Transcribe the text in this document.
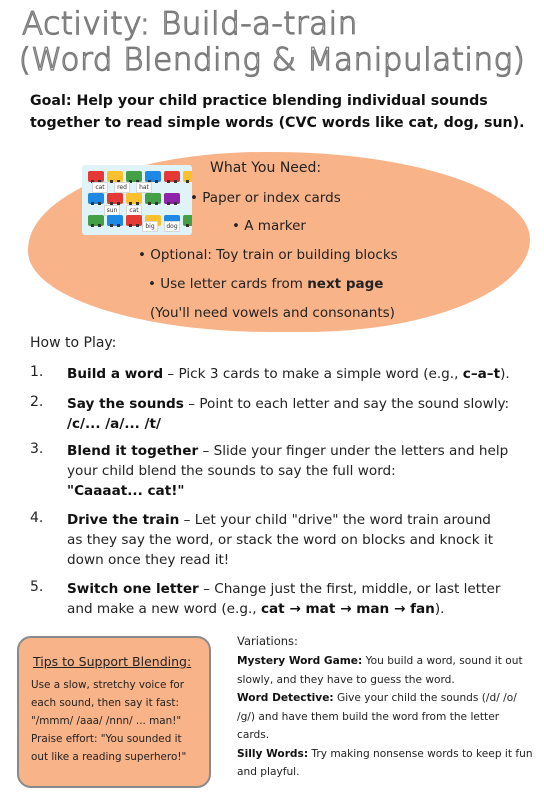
Activity: Build-a-train
(Word Blending & Manipulating)
Goal: Help your child practice blending individual sounds
together to read simple words (CVC words like cat, dog, sun).
cat	red	hat
sun	cat
big	dog
What You Need:
• Paper or index cards
• A marker
• Optional: Toy train or building blocks
• Use letter cards from next page
(You'll need vowels and consonants)
How to Play:
1. Build a word – Pick 3 cards to make a simple word (e.g., c–a–t).
2. Say the sounds – Point to each letter and say the sound slowly:
/c/... /a/... /t/
3. Blend it together – Slide your finger under the letters and help
your child blend the sounds to say the full word:
"Caaaat... cat!"
4. Drive the train – Let your child "drive" the word train around
as they say the word, or stack the word on blocks and knock it
down once they read it!
5. Switch one letter – Change just the first, middle, or last letter
and make a new word (e.g., cat → mat → man → fan).
Tips to Support Blending:
Use a slow, stretchy voice for
each sound, then say it fast:
"/mmm/ /aaa/ /nnn/ ... man!"
Praise effort: "You sounded it
out like a reading superhero!"
Variations:
Mystery Word Game: You build a word, sound it out
slowly, and they have to guess the word.
Word Detective: Give your child the sounds (/d/ /o/
/g/) and have them build the word from the letter
cards.
Silly Words: Try making nonsense words to keep it fun
and playful.
